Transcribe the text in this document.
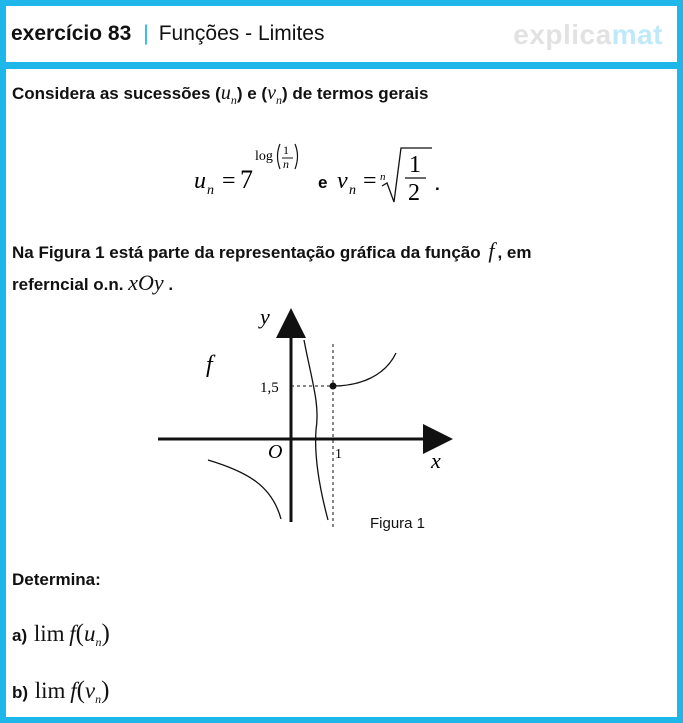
exercício 83 | Funções - Limites	explicamat
Considera as sucessões $(u_n)$ e $(v_n)$ de termos gerais
u n = 7
log 1
n
e v n = n 1
2 .
Na Figura 1 está parte da representação gráfica da função f , em
referncial o.n. xOy .
y
f
1,5
O	1	x
Figura 1
Determina:
a) $\lim f(u_n)$
b) $\lim f(v_n)$
